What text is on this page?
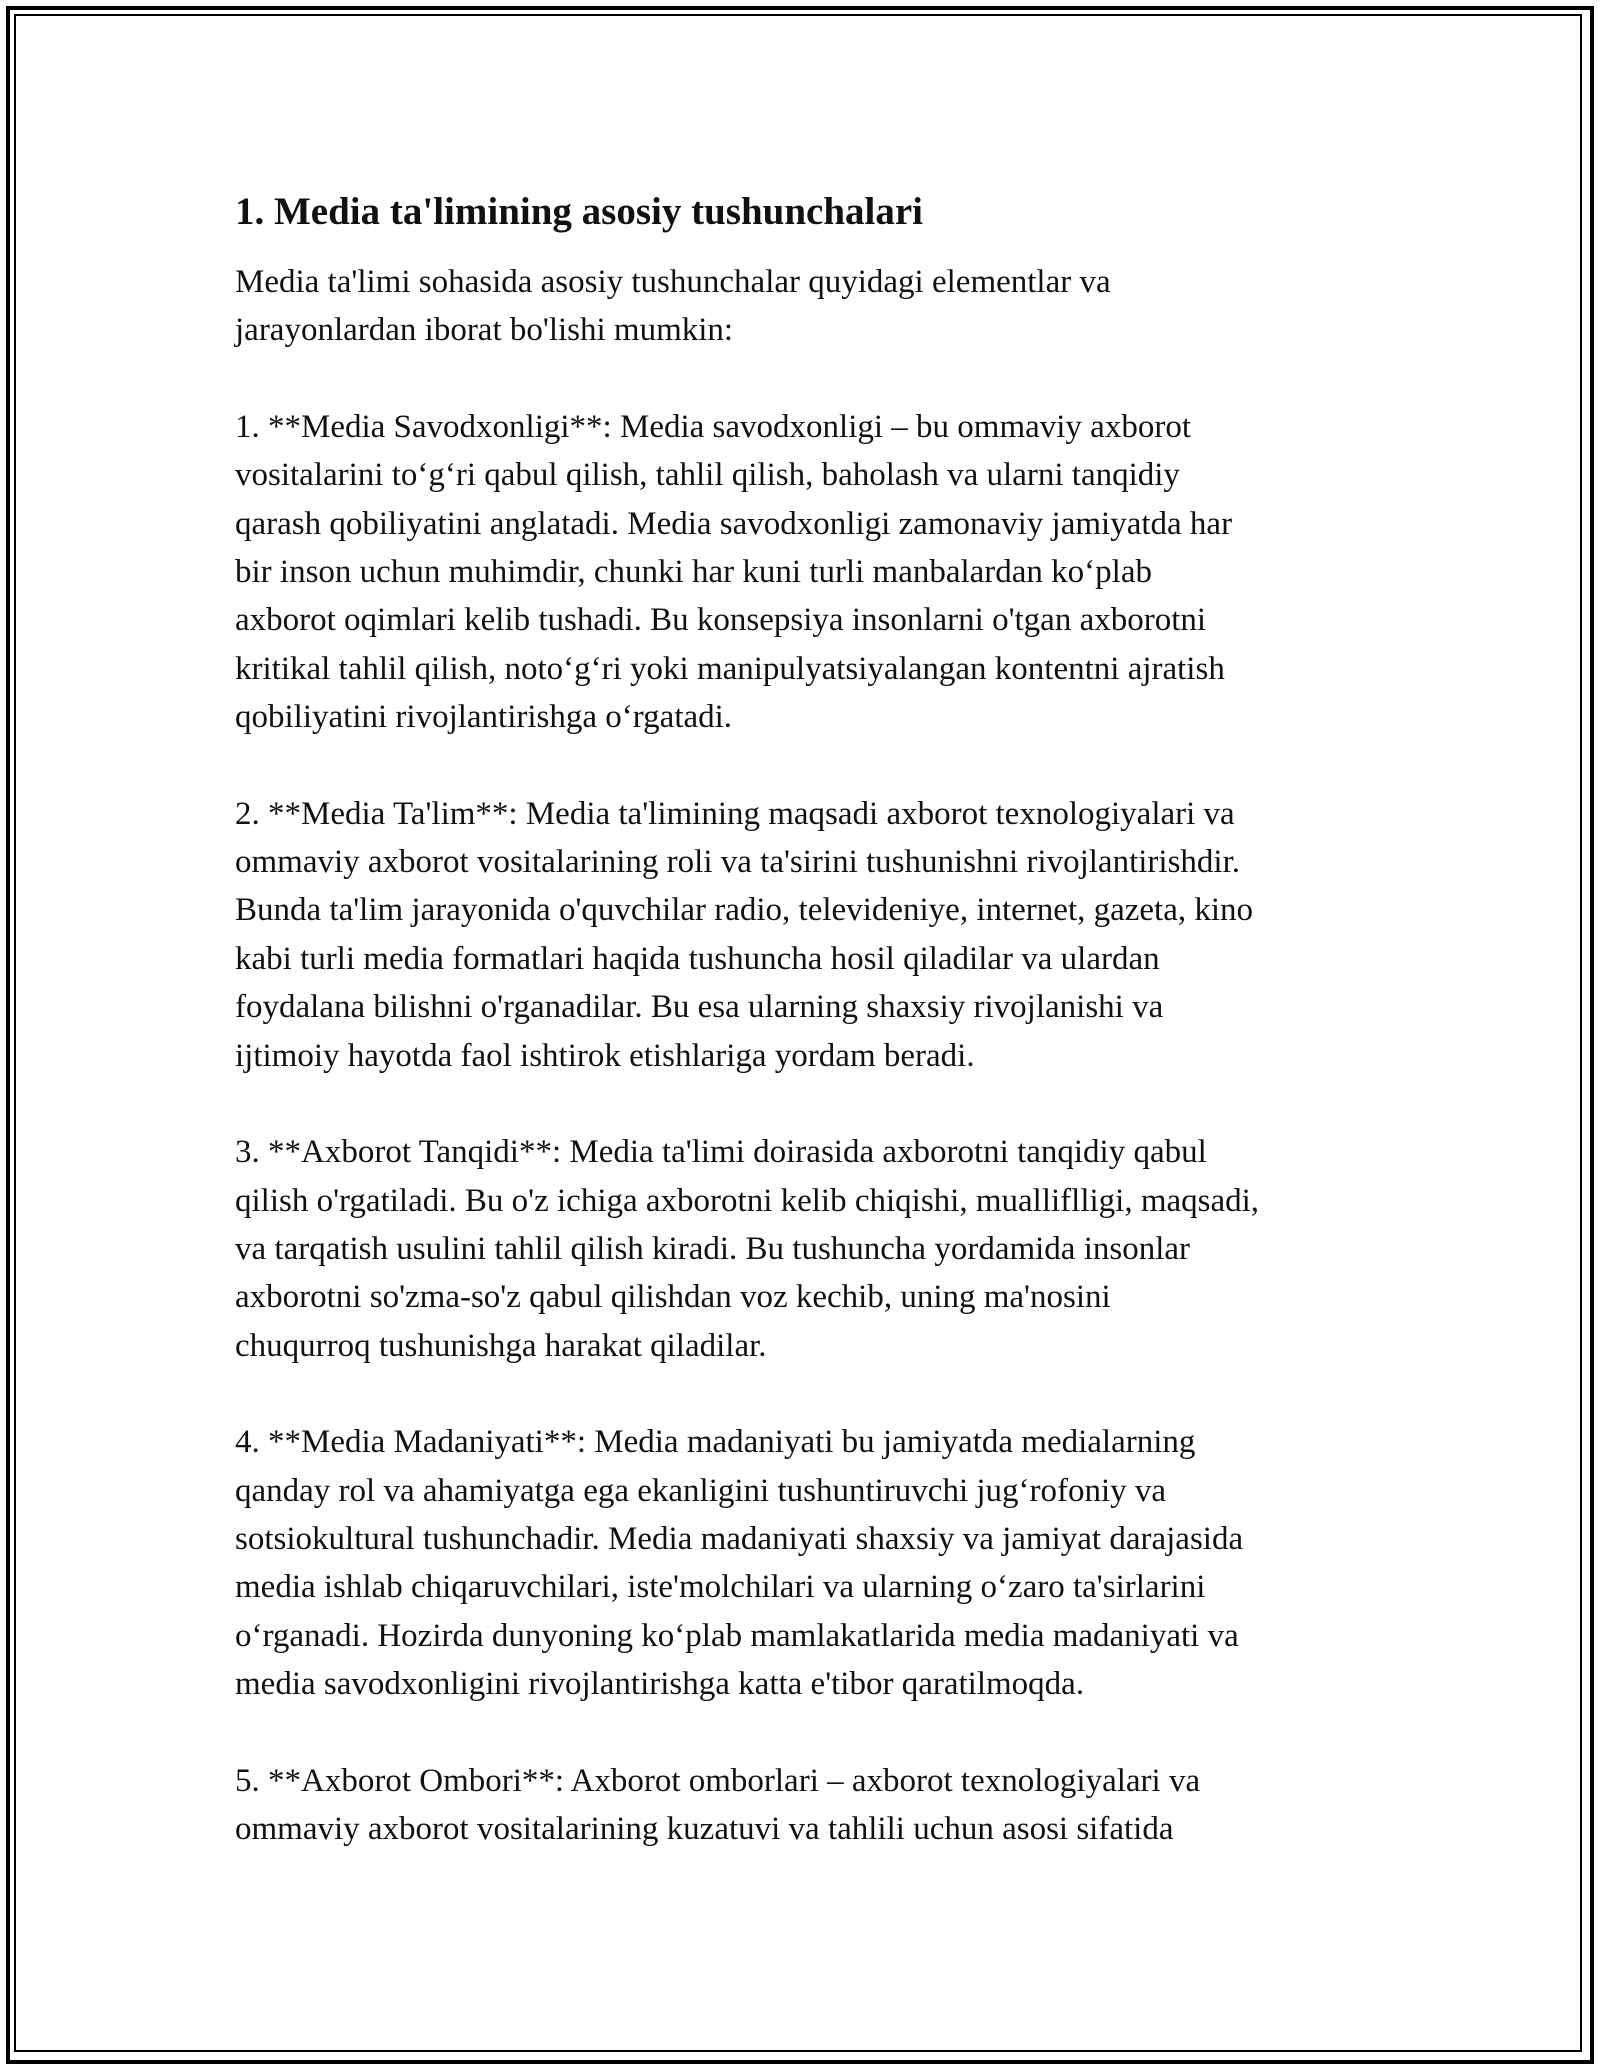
1. Media ta'limining asosiy tushunchalari

Media ta'limi sohasida asosiy tushunchalar quyidagi elementlar va
jarayonlardan iborat bo'lishi mumkin:

1. **Media Savodxonligi**: Media savodxonligi – bu ommaviy axborot
vositalarini to‘g‘ri qabul qilish, tahlil qilish, baholash va ularni tanqidiy
qarash qobiliyatini anglatadi. Media savodxonligi zamonaviy jamiyatda har
bir inson uchun muhimdir, chunki har kuni turli manbalardan ko‘plab
axborot oqimlari kelib tushadi. Bu konsepsiya insonlarni o'tgan axborotni
kritikal tahlil qilish, noto‘g‘ri yoki manipulyatsiyalangan kontentni ajratish
qobiliyatini rivojlantirishga o‘rgatadi.

2. **Media Ta'lim**: Media ta'limining maqsadi axborot texnologiyalari va
ommaviy axborot vositalarining roli va ta'sirini tushunishni rivojlantirishdir.
Bunda ta'lim jarayonida o'quvchilar radio, televideniye, internet, gazeta, kino
kabi turli media formatlari haqida tushuncha hosil qiladilar va ulardan
foydalana bilishni o'rganadilar. Bu esa ularning shaxsiy rivojlanishi va
ijtimoiy hayotda faol ishtirok etishlariga yordam beradi.

3. **Axborot Tanqidi**: Media ta'limi doirasida axborotni tanqidiy qabul
qilish o'rgatiladi. Bu o'z ichiga axborotni kelib chiqishi, mualliflligi, maqsadi,
va tarqatish usulini tahlil qilish kiradi. Bu tushuncha yordamida insonlar
axborotni so'zma-so'z qabul qilishdan voz kechib, uning ma'nosini
chuqurroq tushunishga harakat qiladilar.

4. **Media Madaniyati**: Media madaniyati bu jamiyatda medialarning
qanday rol va ahamiyatga ega ekanligini tushuntiruvchi jug‘rofoniy va
sotsiokultural tushunchadir. Media madaniyati shaxsiy va jamiyat darajasida
media ishlab chiqaruvchilari, iste'molchilari va ularning o‘zaro ta'sirlarini
o‘rganadi. Hozirda dunyoning ko‘plab mamlakatlarida media madaniyati va
media savodxonligini rivojlantirishga katta e'tibor qaratilmoqda.

5. **Axborot Ombori**: Axborot omborlari – axborot texnologiyalari va
ommaviy axborot vositalarining kuzatuvi va tahlili uchun asosi sifatida
